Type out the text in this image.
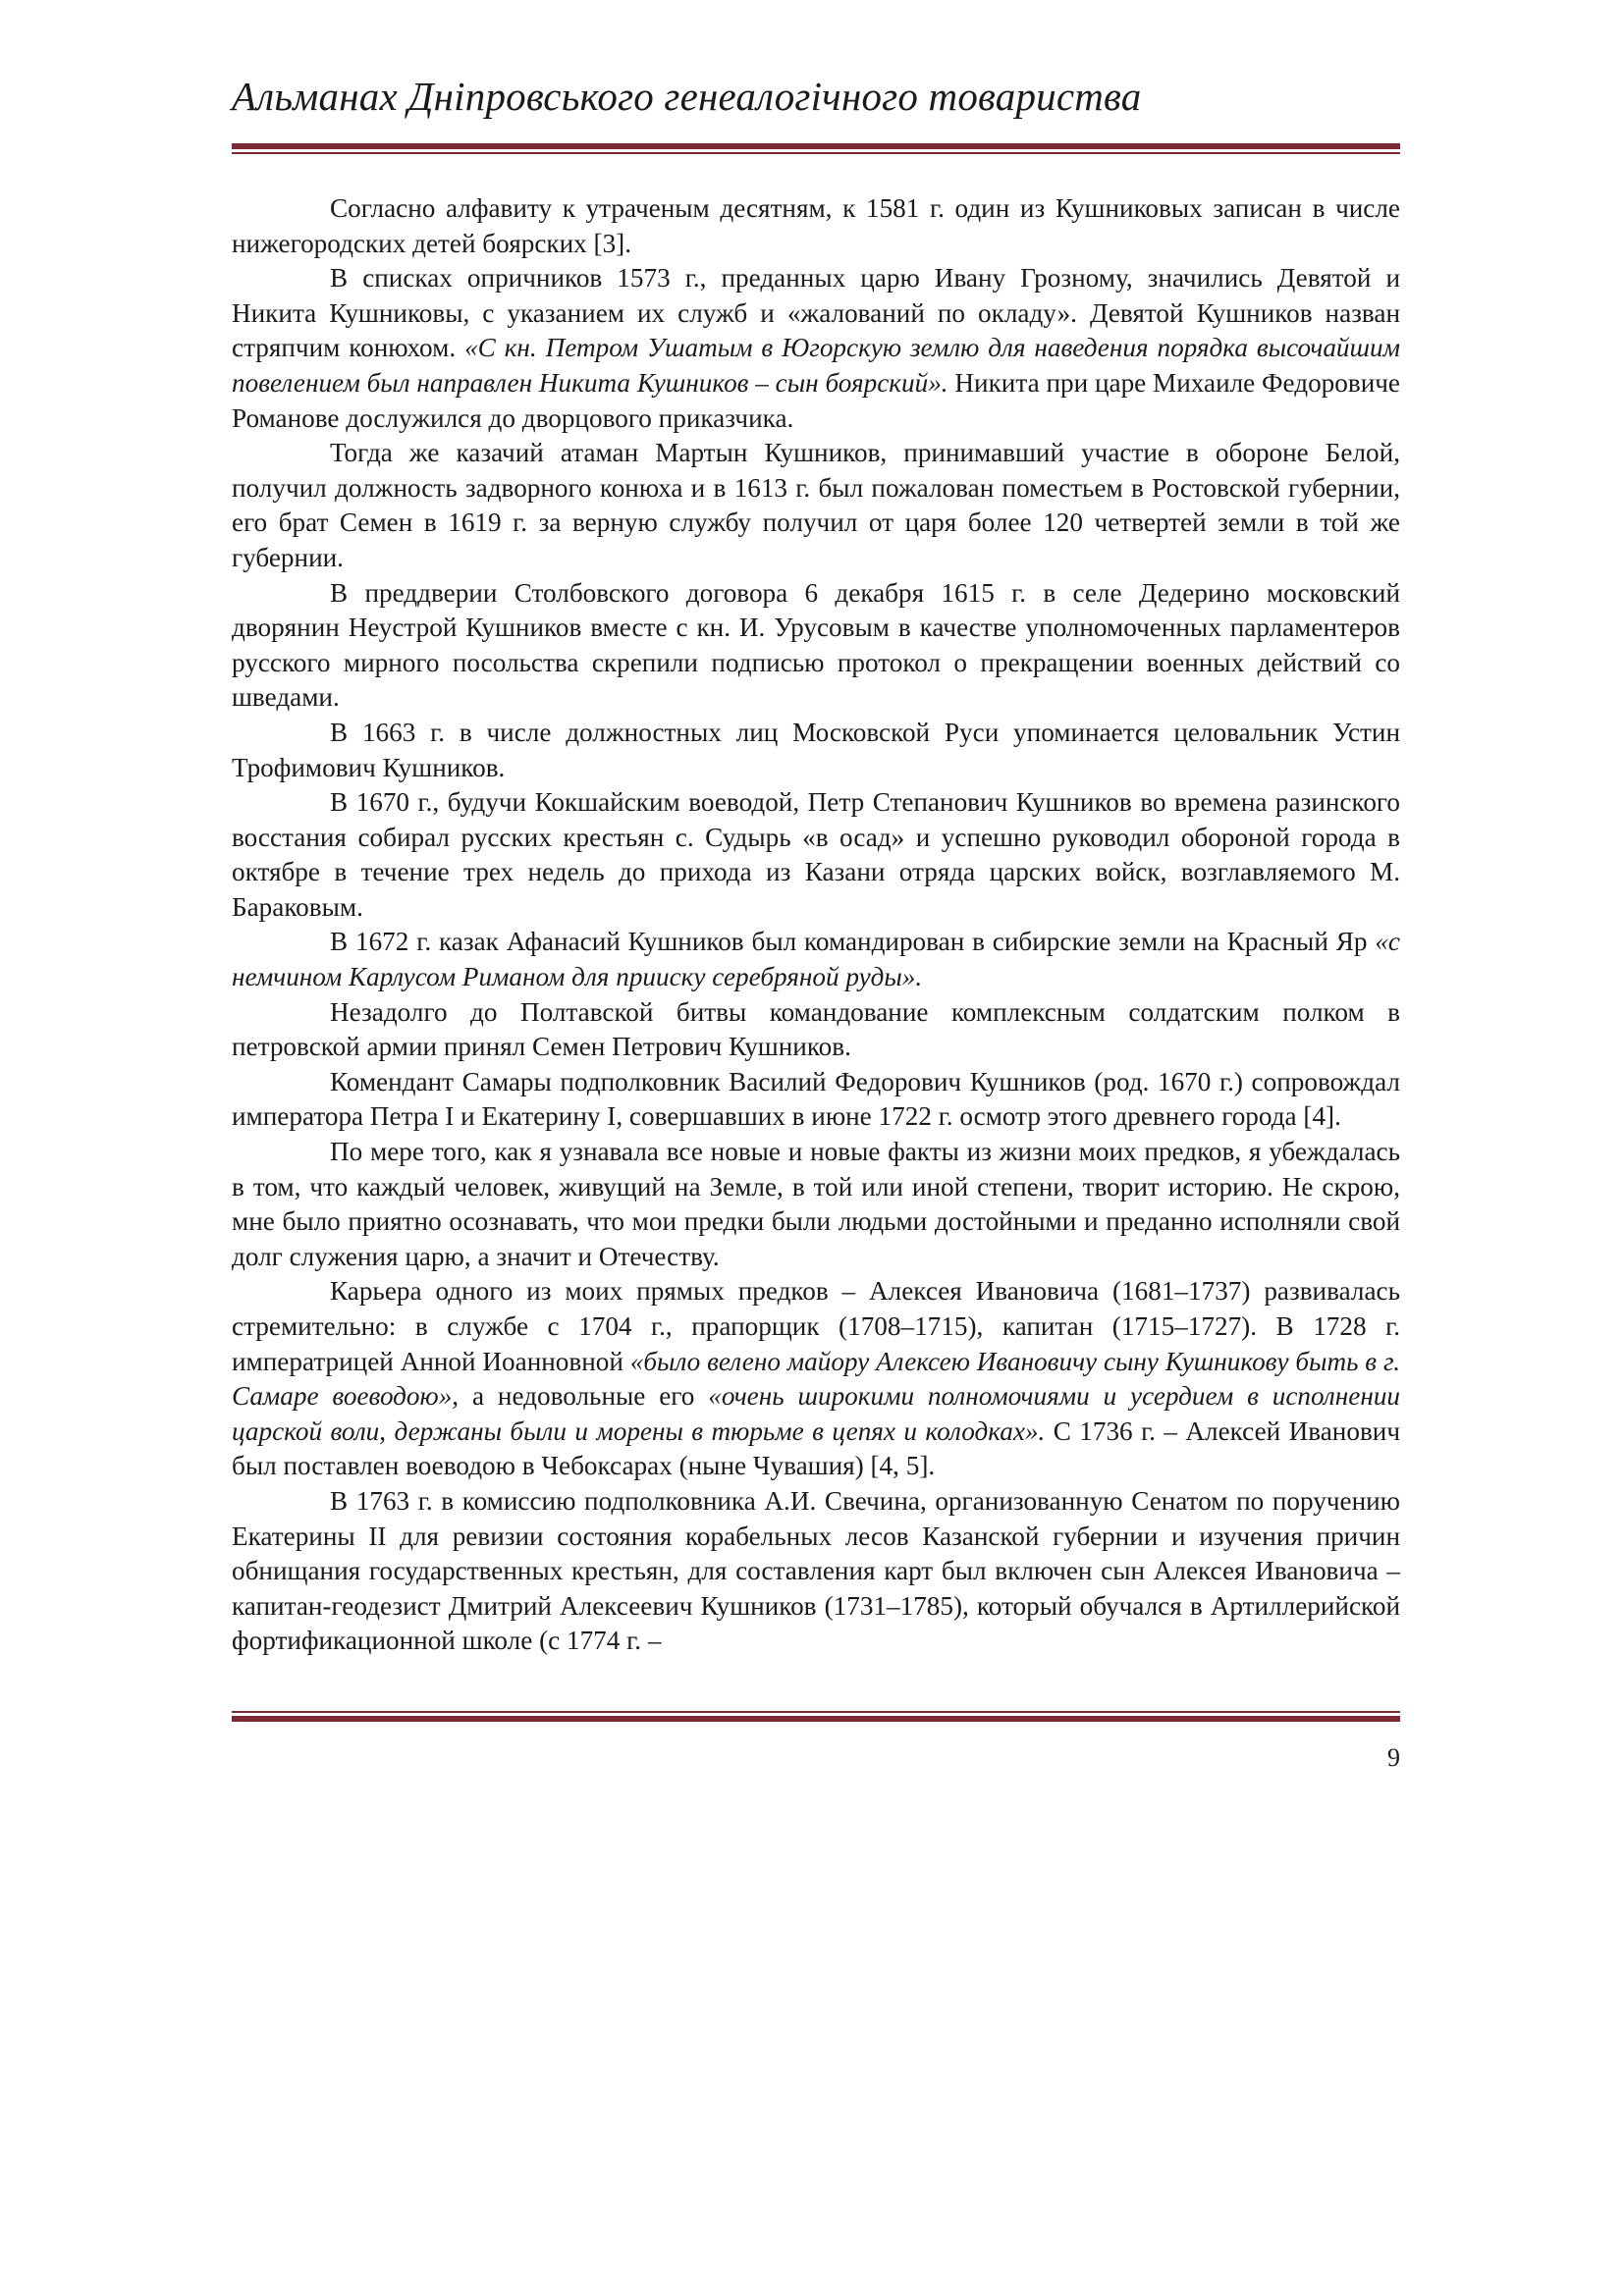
Альманах Дніпровського генеалогічного товариства

Согласно алфавиту к утраченым десятням, к 1581 г. один из Кушниковых записан в числе нижегородских детей боярских [3].

В списках опричников 1573 г., преданных царю Ивану Грозному, значились Девятой и Никита Кушниковы, с указанием их служб и «жалований по окладу». Девятой Кушников назван стряпчим конюхом. «С кн. Петром Ушатым в Югорскую землю для наведения порядка высочайшим повелением был направлен Никита Кушников – сын боярский». Никита при царе Михаиле Федоровиче Романове дослужился до дворцового приказчика.

Тогда же казачий атаман Мартын Кушников, принимавший участие в обороне Белой, получил должность задворного конюха и в 1613 г. был пожалован поместьем в Ростовской губернии, его брат Семен в 1619 г. за верную службу получил от царя более 120 четвертей земли в той же губернии.

В преддверии Столбовского договора 6 декабря 1615 г. в селе Дедерино московский дворянин Неустрой Кушников вместе с кн. И. Урусовым в качестве уполномоченных парламентеров русского мирного посольства скрепили подписью протокол о прекращении военных действий со шведами.

В 1663 г. в числе должностных лиц Московской Руси упоминается целовальник Устин Трофимович Кушников.

В 1670 г., будучи Кокшайским воеводой, Петр Степанович Кушников во времена разинского восстания собирал русских крестьян с. Судырь «в осад» и успешно руководил обороной города в октябре в течение трех недель до прихода из Казани отряда царских войск, возглавляемого М. Бараковым.

В 1672 г. казак Афанасий Кушников был командирован в сибирские земли на Красный Яр «с немчином Карлусом Риманом для прииску серебряной руды».

Незадолго до Полтавской битвы командование комплексным солдатским полком в петровской армии принял Семен Петрович Кушников.

Комендант Самары подполковник Василий Федорович Кушников (род. 1670 г.) сопровождал императора Петра I и Екатерину I, совершавших в июне 1722 г. осмотр этого древнего города [4].

По мере того, как я узнавала все новые и новые факты из жизни моих предков, я убеждалась в том, что каждый человек, живущий на Земле, в той или иной степени, творит историю. Не скрою, мне было приятно осознавать, что мои предки были людьми достойными и преданно исполняли свой долг служения царю, а значит и Отечеству.

Карьера одного из моих прямых предков – Алексея Ивановича (1681–1737) развивалась стремительно: в службе с 1704 г., прапорщик (1708–1715), капитан (1715–1727). В 1728 г. императрицей Анной Иоанновной «было велено майору Алексею Ивановичу сыну Кушникову быть в г. Самаре воеводою», а недовольные его «очень широкими полномочиями и усердием в исполнении царской воли, держаны были и морены в тюрьме в цепях и колодках». С 1736 г. – Алексей Иванович был поставлен воеводою в Чебоксарах (ныне Чувашия) [4, 5].

В 1763 г. в комиссию подполковника А.И. Свечина, организованную Сенатом по поручению Екатерины II для ревизии состояния корабельных лесов Казанской губернии и изучения причин обнищания государственных крестьян, для составления карт был включен сын Алексея Ивановича – капитан-геодезист Дмитрий Алексеевич Кушников (1731–1785), который обучался в Артиллерийской фортификационной школе (с 1774 г. –

9
